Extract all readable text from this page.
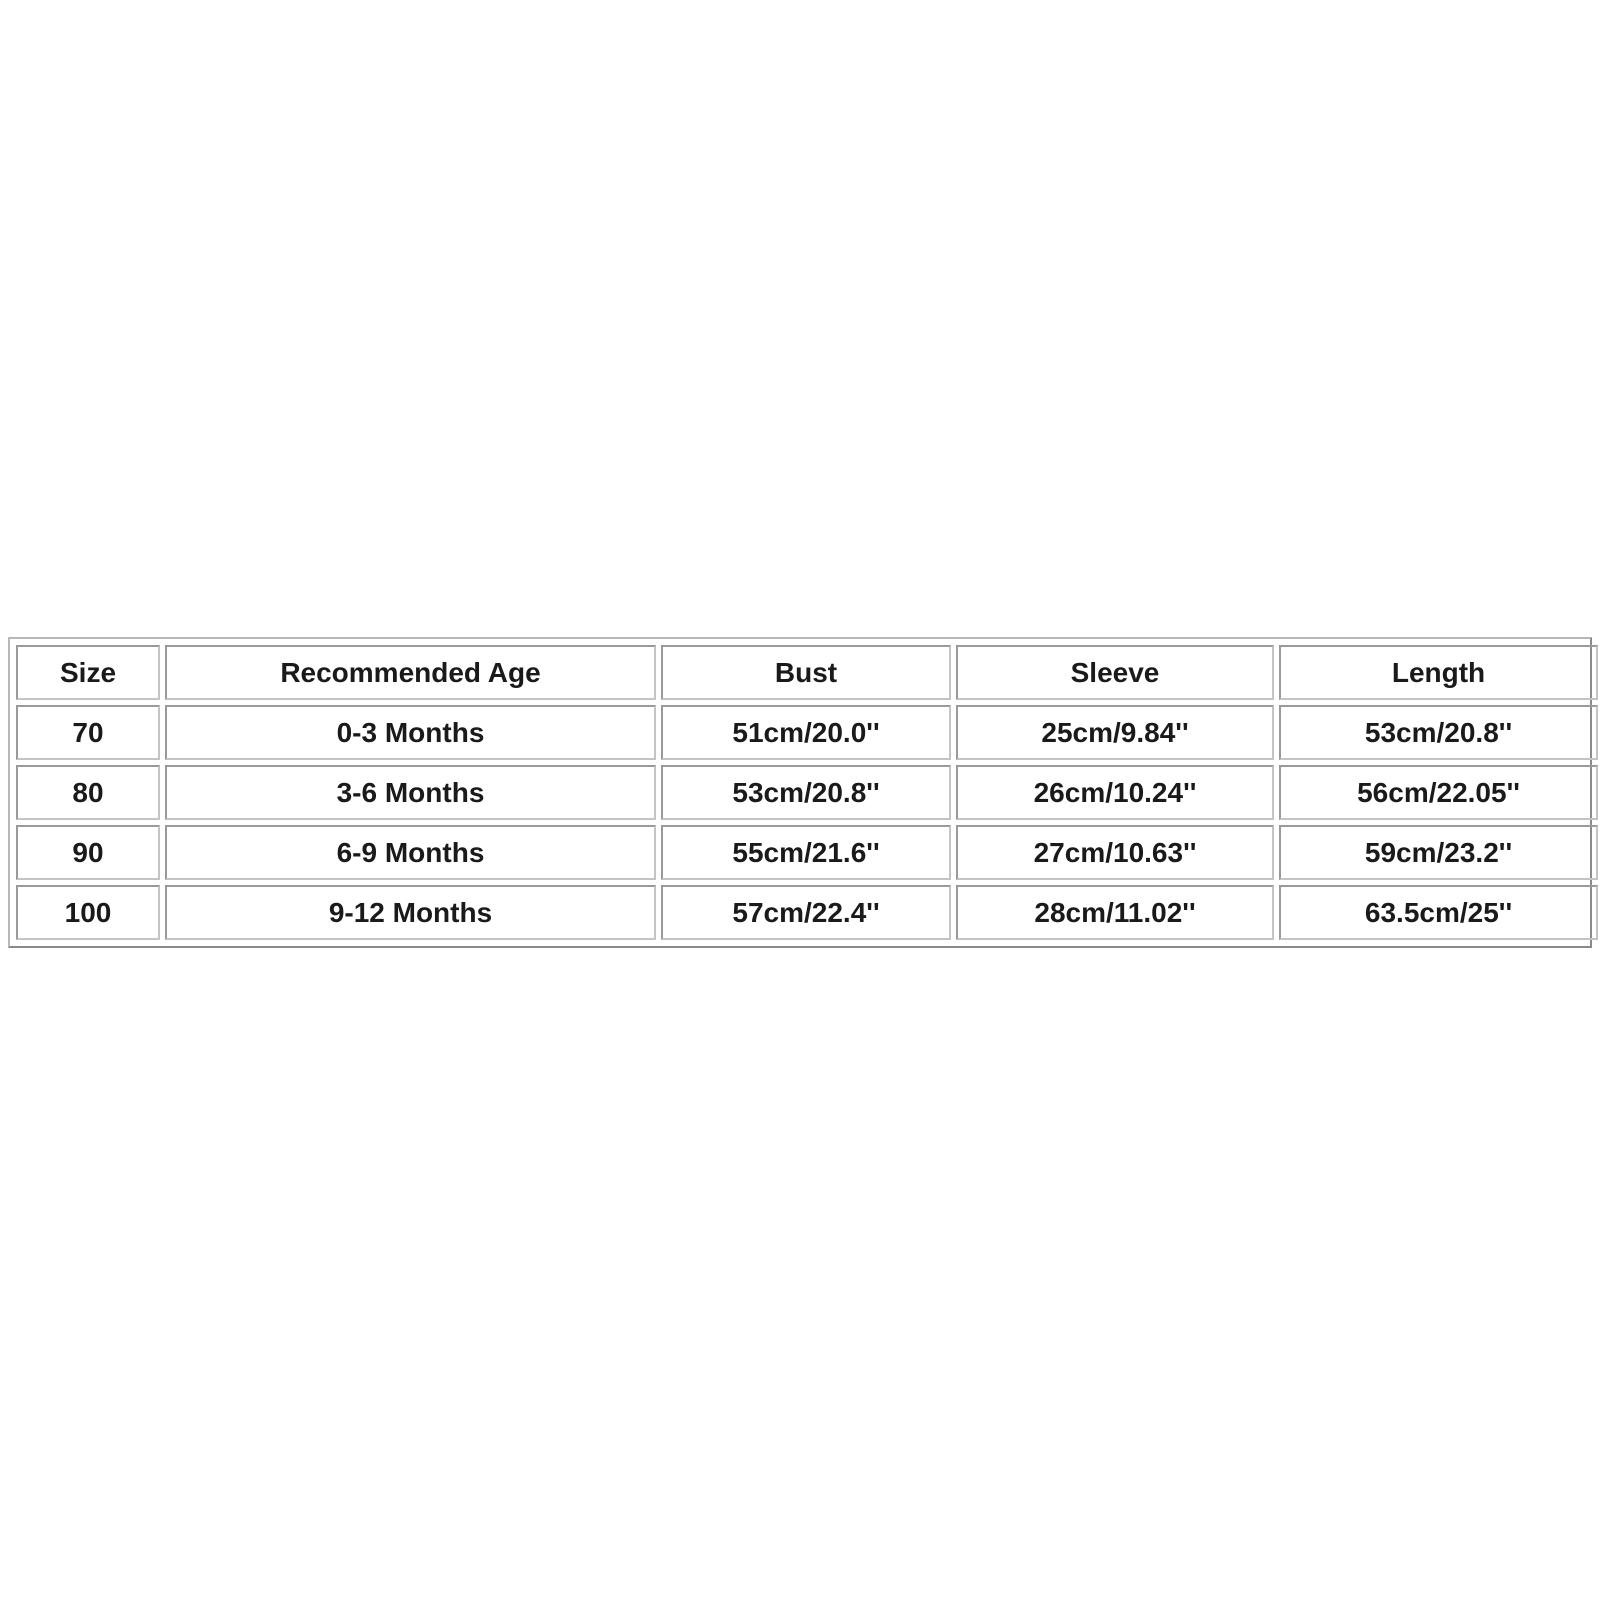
Size	Recommended Age	Bust	Sleeve	Length
70	0-3 Months	51cm/20.0''	25cm/9.84''	53cm/20.8''
80	3-6 Months	53cm/20.8''	26cm/10.24''	56cm/22.05''
90	6-9 Months	55cm/21.6''	27cm/10.63''	59cm/23.2''
100	9-12 Months	57cm/22.4''	28cm/11.02''	63.5cm/25''
